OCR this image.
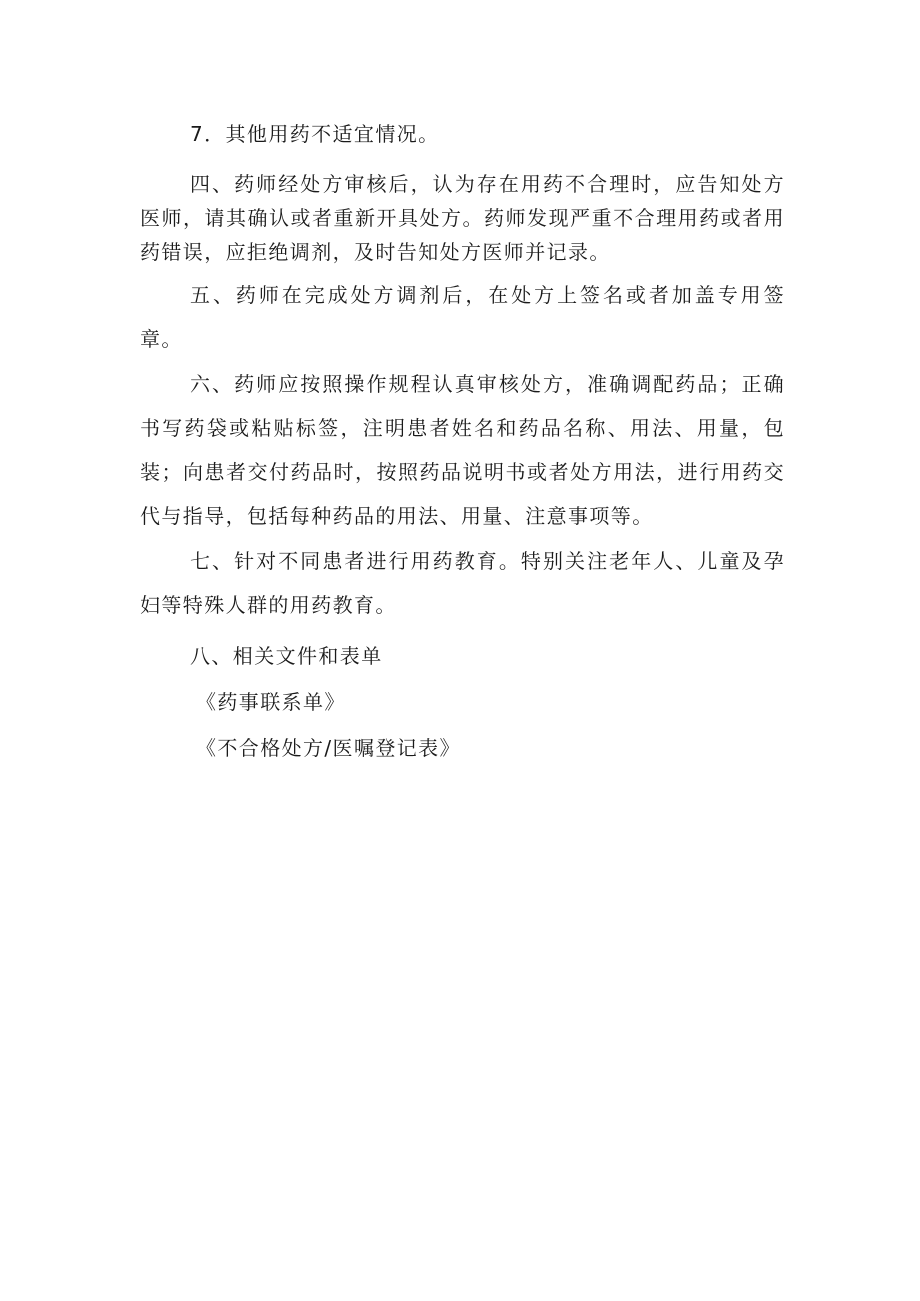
7．其他用药不适宜情况。

四、药师经处方审核后，认为存在用药不合理时，应告知处方医师，请其确认或者重新开具处方。药师发现严重不合理用药或者用药错误，应拒绝调剂，及时告知处方医师并记录。

五、药师在完成处方调剂后，在处方上签名或者加盖专用签章。

六、药师应按照操作规程认真审核处方，准确调配药品；正确书写药袋或粘贴标签，注明患者姓名和药品名称、用法、用量，包装；向患者交付药品时，按照药品说明书或者处方用法，进行用药交代与指导，包括每种药品的用法、用量、注意事项等。

七、针对不同患者进行用药教育。特别关注老年人、儿童及孕妇等特殊人群的用药教育。

八、相关文件和表单

《药事联系单》

《不合格处方/医嘱登记表》
